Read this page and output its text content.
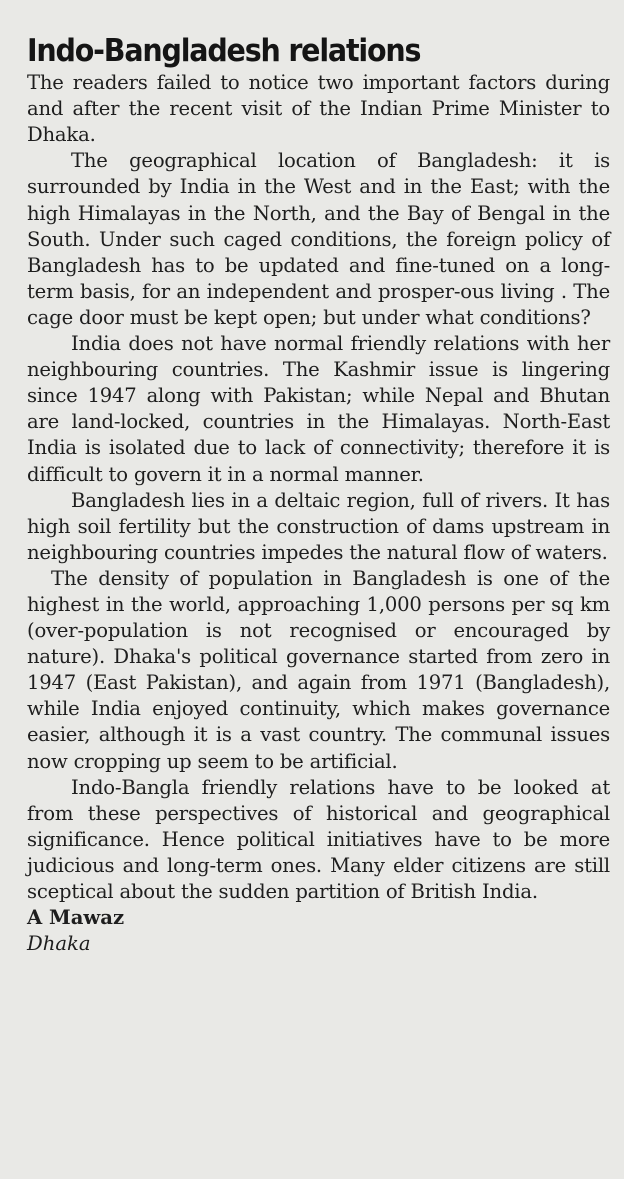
Indo-Bangladesh relations

The readers failed to notice two important factors during and after the recent visit of the Indian Prime Minister to Dhaka.

The geographical location of Bangladesh: it is surrounded by India in the West and in the East; with the high Himalayas in the North, and the Bay of Bengal in the South. Under such caged conditions, the foreign policy of Bangladesh has to be updated and fine-tuned on a long-term basis, for an independent and prosper-ous living . The cage door must be kept open; but under what conditions?

India does not have normal friendly relations with her neighbouring countries. The Kashmir issue is lingering since 1947 along with Pakistan; while Nepal and Bhutan are land-locked, countries in the Himalayas. North-East India is isolated due to lack of connectivity; therefore it is difficult to govern it in a normal manner.

Bangladesh lies in a deltaic region, full of rivers. It has high soil fertility but the construction of dams upstream in neighbouring countries impedes the natural flow of waters.

The density of population in Bangladesh is one of the highest in the world, approaching 1,000 persons per sq km (over-population is not recognised or encouraged by nature). Dhaka's political governance started from zero in 1947 (East Pakistan), and again from 1971 (Bangladesh), while India enjoyed continuity, which makes governance easier, although it is a vast country. The communal issues now cropping up seem to be artificial.

Indo-Bangla friendly relations have to be looked at from these perspectives of historical and geographical significance. Hence political initiatives have to be more judicious and long-term ones. Many elder citizens are still sceptical about the sudden partition of British India.

A Mawaz

Dhaka
